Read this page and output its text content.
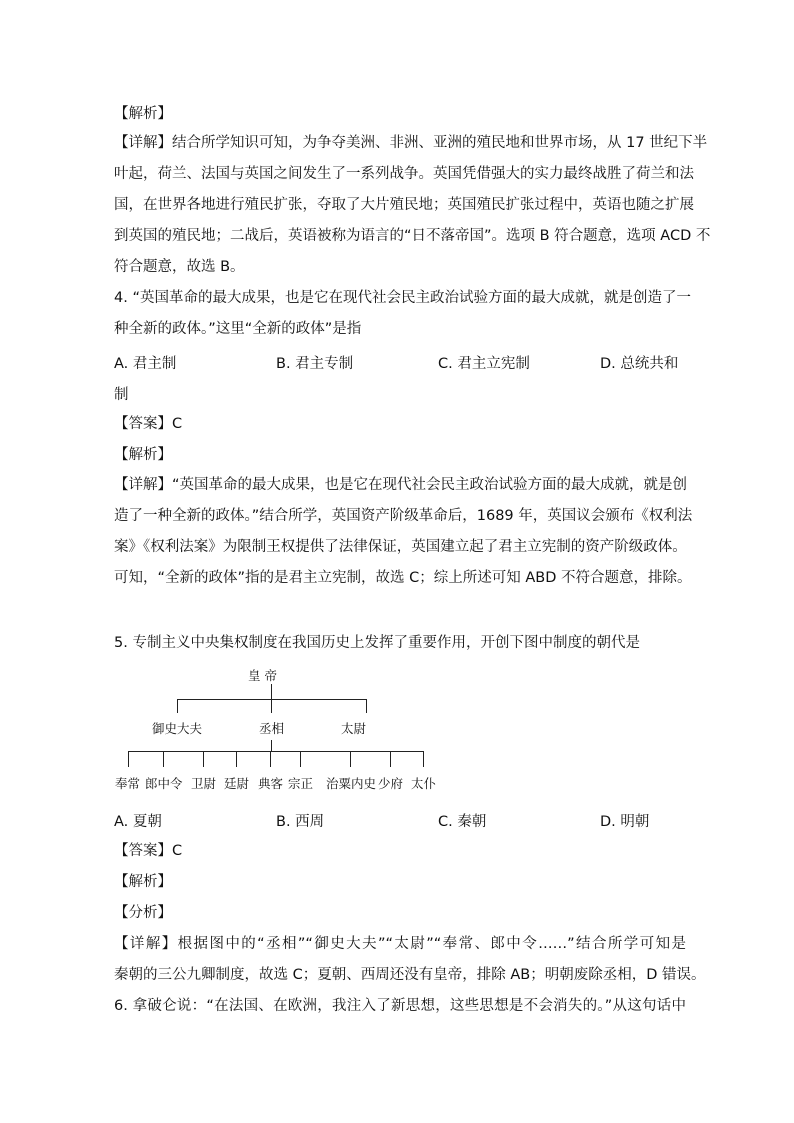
【解析】
【详解】结合所学知识可知，为争夺美洲、非洲、亚洲的殖民地和世界市场，从 17 世纪下半
叶起，荷兰、法国与英国之间发生了一系列战争。英国凭借强大的实力最终战胜了荷兰和法
国，在世界各地进行殖民扩张，夺取了大片殖民地；英国殖民扩张过程中，英语也随之扩展
到英国的殖民地；二战后，英语被称为语言的“日不落帝国”。选项 B 符合题意，选项 ACD 不
符合题意，故选 B。
4. “英国革命的最大成果，也是它在现代社会民主政治试验方面的最大成就，就是创造了一
种全新的政体。”这里“全新的政体”是指
A. 君主制	B. 君主专制	C. 君主立宪制	D. 总统共和
制
【答案】C
【解析】
【详解】“英国革命的最大成果，也是它在现代社会民主政治试验方面的最大成就，就是创
造了一种全新的政体。”结合所学，英国资产阶级革命后，1689 年，英国议会颁布《权利法
案》《权利法案》为限制王权提供了法律保证，英国建立起了君主立宪制的资产阶级政体。
可知，“全新的政体”指的是君主立宪制，故选 C；综上所述可知 ABD 不符合题意，排除。
5. 专制主义中央集权制度在我国历史上发挥了重要作用，开创下图中制度的朝代是
皇 帝
御史大夫	丞相	太尉
奉常 郎中令 卫尉 廷尉 典客 宗正 治粟内史 少府 太仆
A. 夏朝	B. 西周	C. 秦朝	D. 明朝
【答案】C
【解析】
【分析】
【详解】根据图中的“丞相”“御史大夫”“太尉”“奉常、郎中令……”结合所学可知是
秦朝的三公九卿制度，故选 C；夏朝、西周还没有皇帝，排除 AB；明朝废除丞相，D 错误。
6. 拿破仑说：“在法国、在欧洲，我注入了新思想，这些思想是不会消失的。”从这句话中
